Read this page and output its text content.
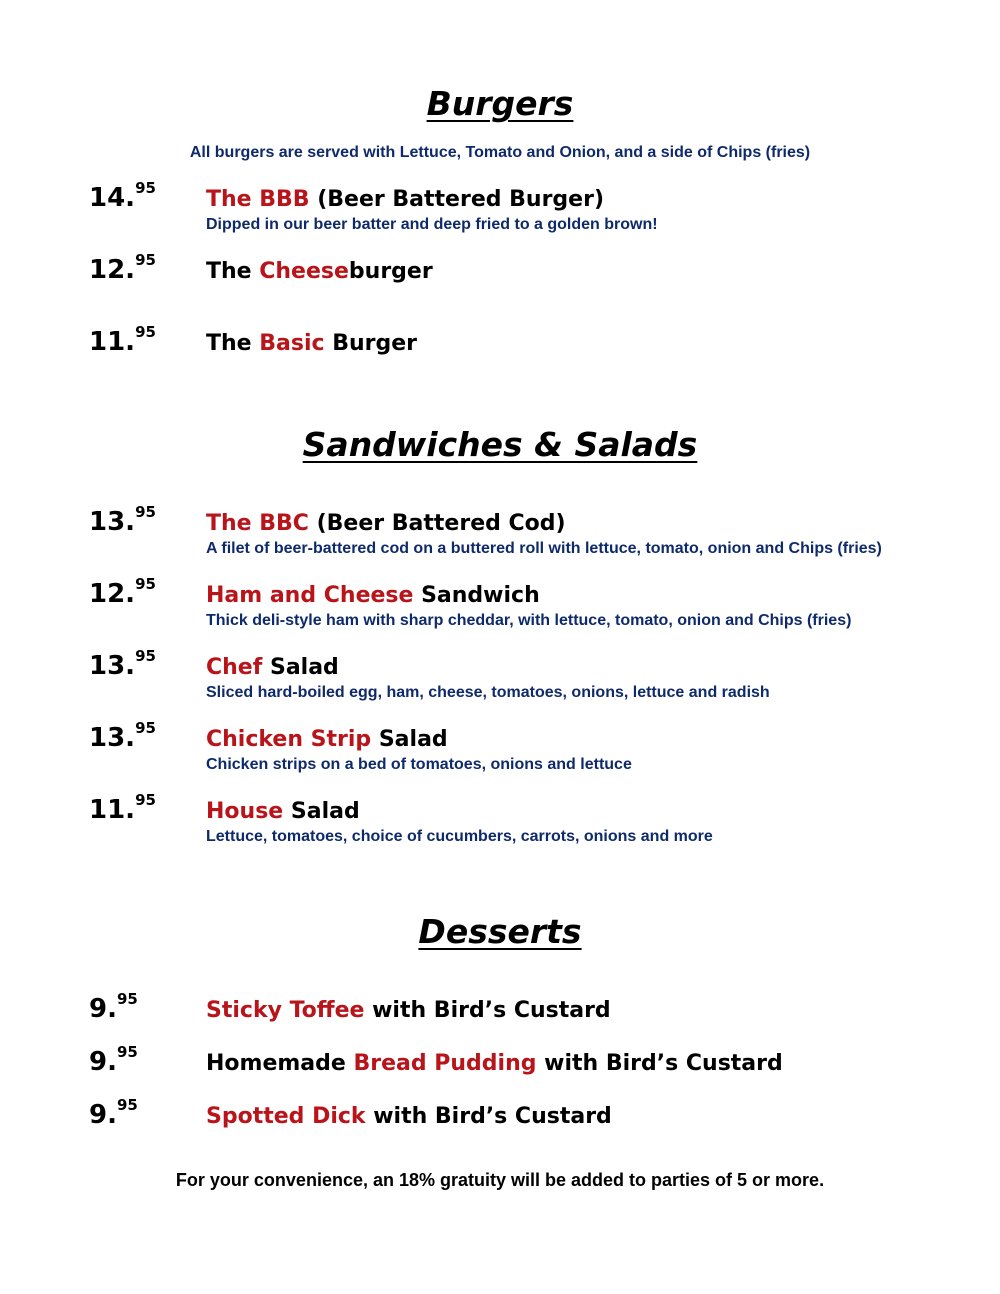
Burgers
All burgers are served with Lettuce, Tomato and Onion, and a side of Chips (fries)
14.95 The BBB (Beer Battered Burger)
Dipped in our beer batter and deep fried to a golden brown!
12.95 The Cheeseburger
11.95 The Basic Burger
Sandwiches & Salads
13.95 The BBC (Beer Battered Cod)
A filet of beer-battered cod on a buttered roll with lettuce, tomato, onion and Chips (fries)
12.95 Ham and Cheese Sandwich
Thick deli-style ham with sharp cheddar, with lettuce, tomato, onion and Chips (fries)
13.95 Chef Salad
Sliced hard-boiled egg, ham, cheese, tomatoes, onions, lettuce and radish
13.95 Chicken Strip Salad
Chicken strips on a bed of tomatoes, onions and lettuce
11.95 House Salad
Lettuce, tomatoes, choice of cucumbers, carrots, onions and more
Desserts
9.95	Sticky Toffee with Bird’s Custard
9.95	Homemade Bread Pudding with Bird’s Custard
9.95	Spotted Dick with Bird’s Custard
For your convenience, an 18% gratuity will be added to parties of 5 or more.
